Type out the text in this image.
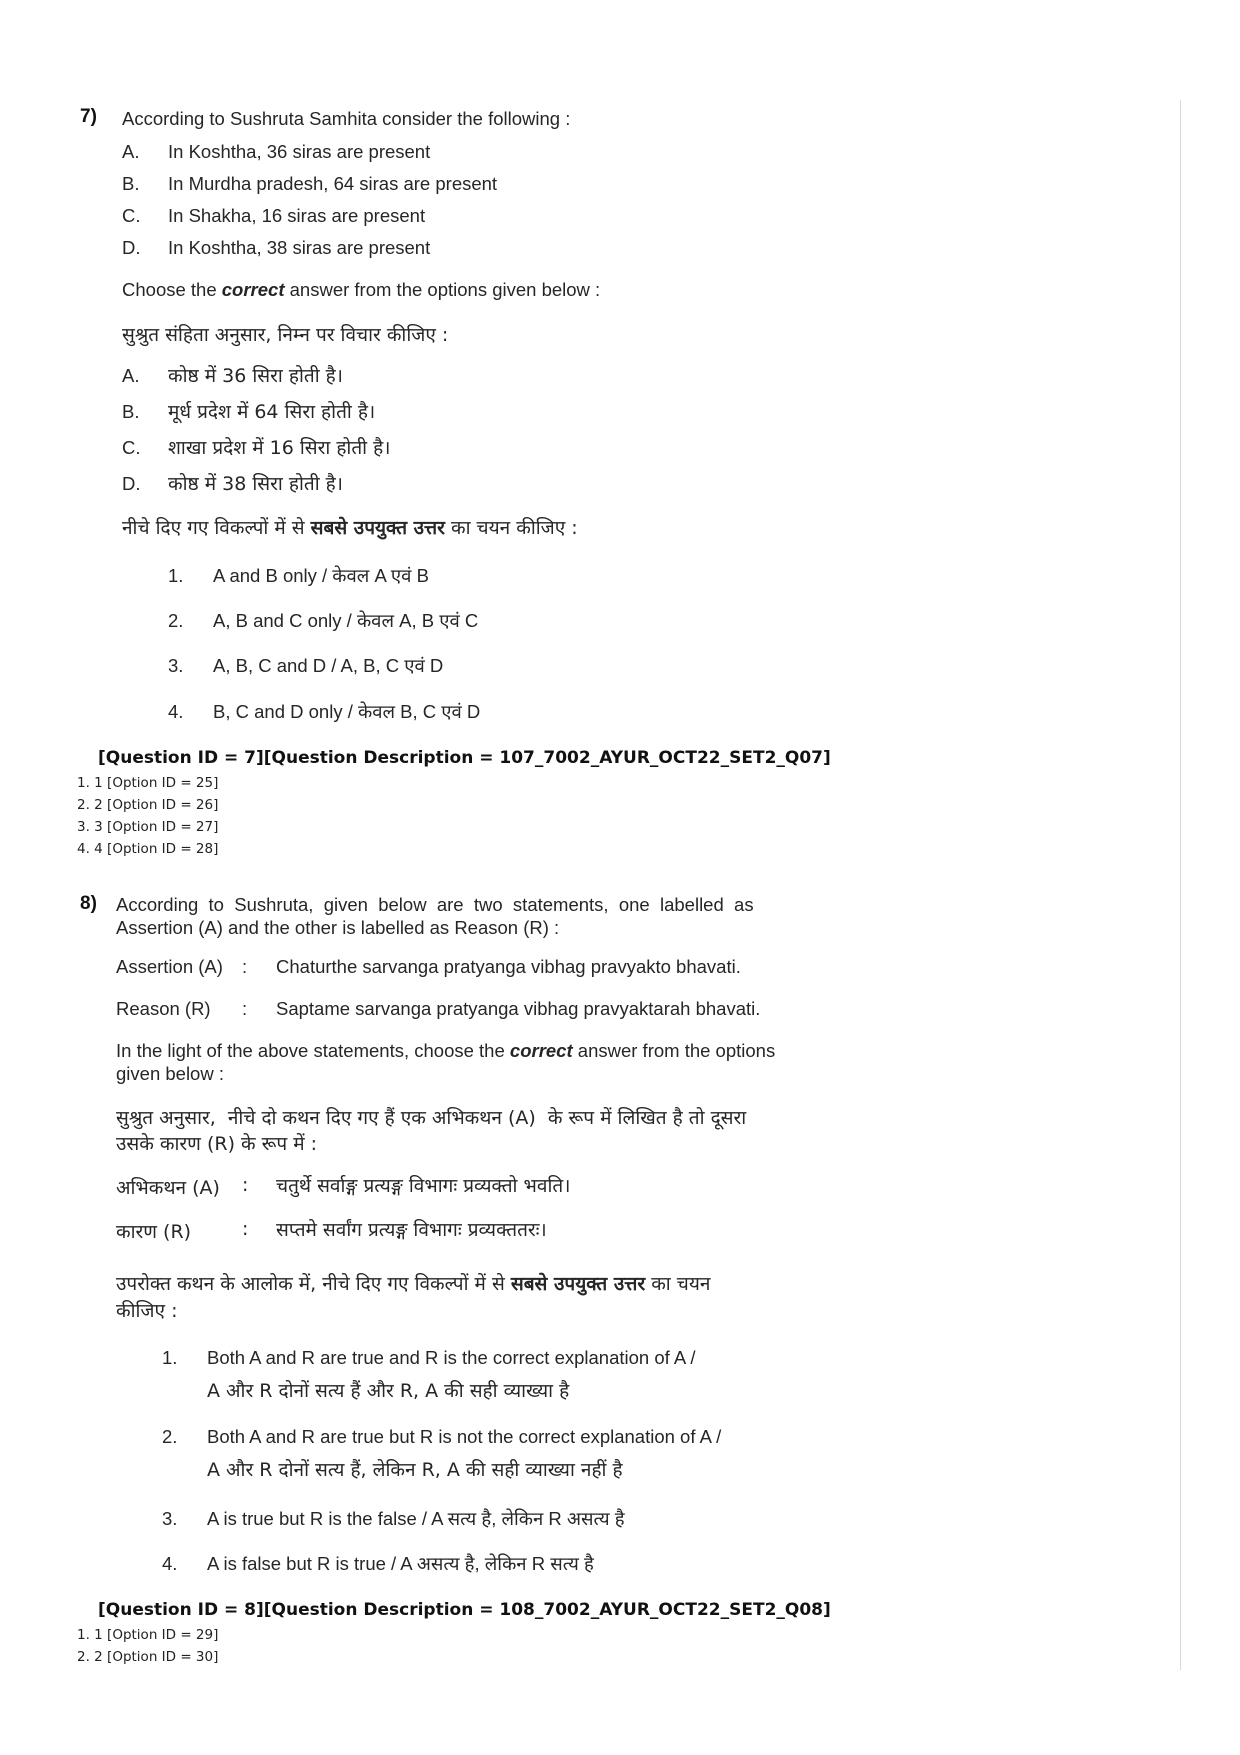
7) According to Sushruta Samhita consider the following :
A. In Koshtha, 36 siras are present
B. In Murdha pradesh, 64 siras are present
C. In Shakha, 16 siras are present
D. In Koshtha, 38 siras are present
Choose the correct answer from the options given below :
सुश्रुत संहिता अनुसार, निम्न पर विचार कीजिए :
A. कोष्ठ में 36 सिरा होती है।
B. मूर्ध प्रदेश में 64 सिरा होती है।
C. शाखा प्रदेश में 16 सिरा होती है।
D. कोष्ठ में 38 सिरा होती है।
नीचे दिए गए विकल्पों में से सबसे उपयुक्त उत्तर का चयन कीजिए :
1. A and B only / केवल A एवं B
2. A, B and C only / केवल A, B एवं C
3. A, B, C and D / A, B, C एवं D
4. B, C and D only / केवल B, C एवं D
[Question ID = 7][Question Description = 107_7002_AYUR_OCT22_SET2_Q07]
1. 1 [Option ID = 25]
2. 2 [Option ID = 26]
3. 3 [Option ID = 27]
4. 4 [Option ID = 28]
8) According  to  Sushruta,  given  below  are  two  statements,  one  labelled  as
Assertion (A) and the other is labelled as Reason (R) :
Assertion (A) : Chaturthe sarvanga pratyanga vibhag pravyakto bhavati.
Reason (R) : Saptame sarvanga pratyanga vibhag pravyaktarah bhavati.
In the light of the above statements, choose the correct answer from the options
given below :
सुश्रुत अनुसार,  नीचे दो कथन दिए गए हैं एक अभिकथन (A)  के रूप में लिखित है तो दूसरा
उसके कारण (R) के रूप में :
अभिकथन (A) : चतुर्थे सर्वाङ्ग प्रत्यङ्ग विभागः प्रव्यक्तो भवति।
कारण (R)	: सप्तमे सर्वांग प्रत्यङ्ग विभागः प्रव्यक्ततरः।
उपरोक्त कथन के आलोक में, नीचे दिए गए विकल्पों में से सबसे उपयुक्त उत्तर का चयन
कीजिए :
1. Both A and R are true and R is the correct explanation of A /
A और R दोनों सत्य हैं और R, A की सही व्याख्या है
2. Both A and R are true but R is not the correct explanation of A /
A और R दोनों सत्य हैं, लेकिन R, A की सही व्याख्या नहीं है
3. A is true but R is the false / A सत्य है, लेकिन R असत्य है
4. A is false but R is true / A असत्य है, लेकिन R सत्य है
[Question ID = 8][Question Description = 108_7002_AYUR_OCT22_SET2_Q08]
1. 1 [Option ID = 29]
2. 2 [Option ID = 30]
